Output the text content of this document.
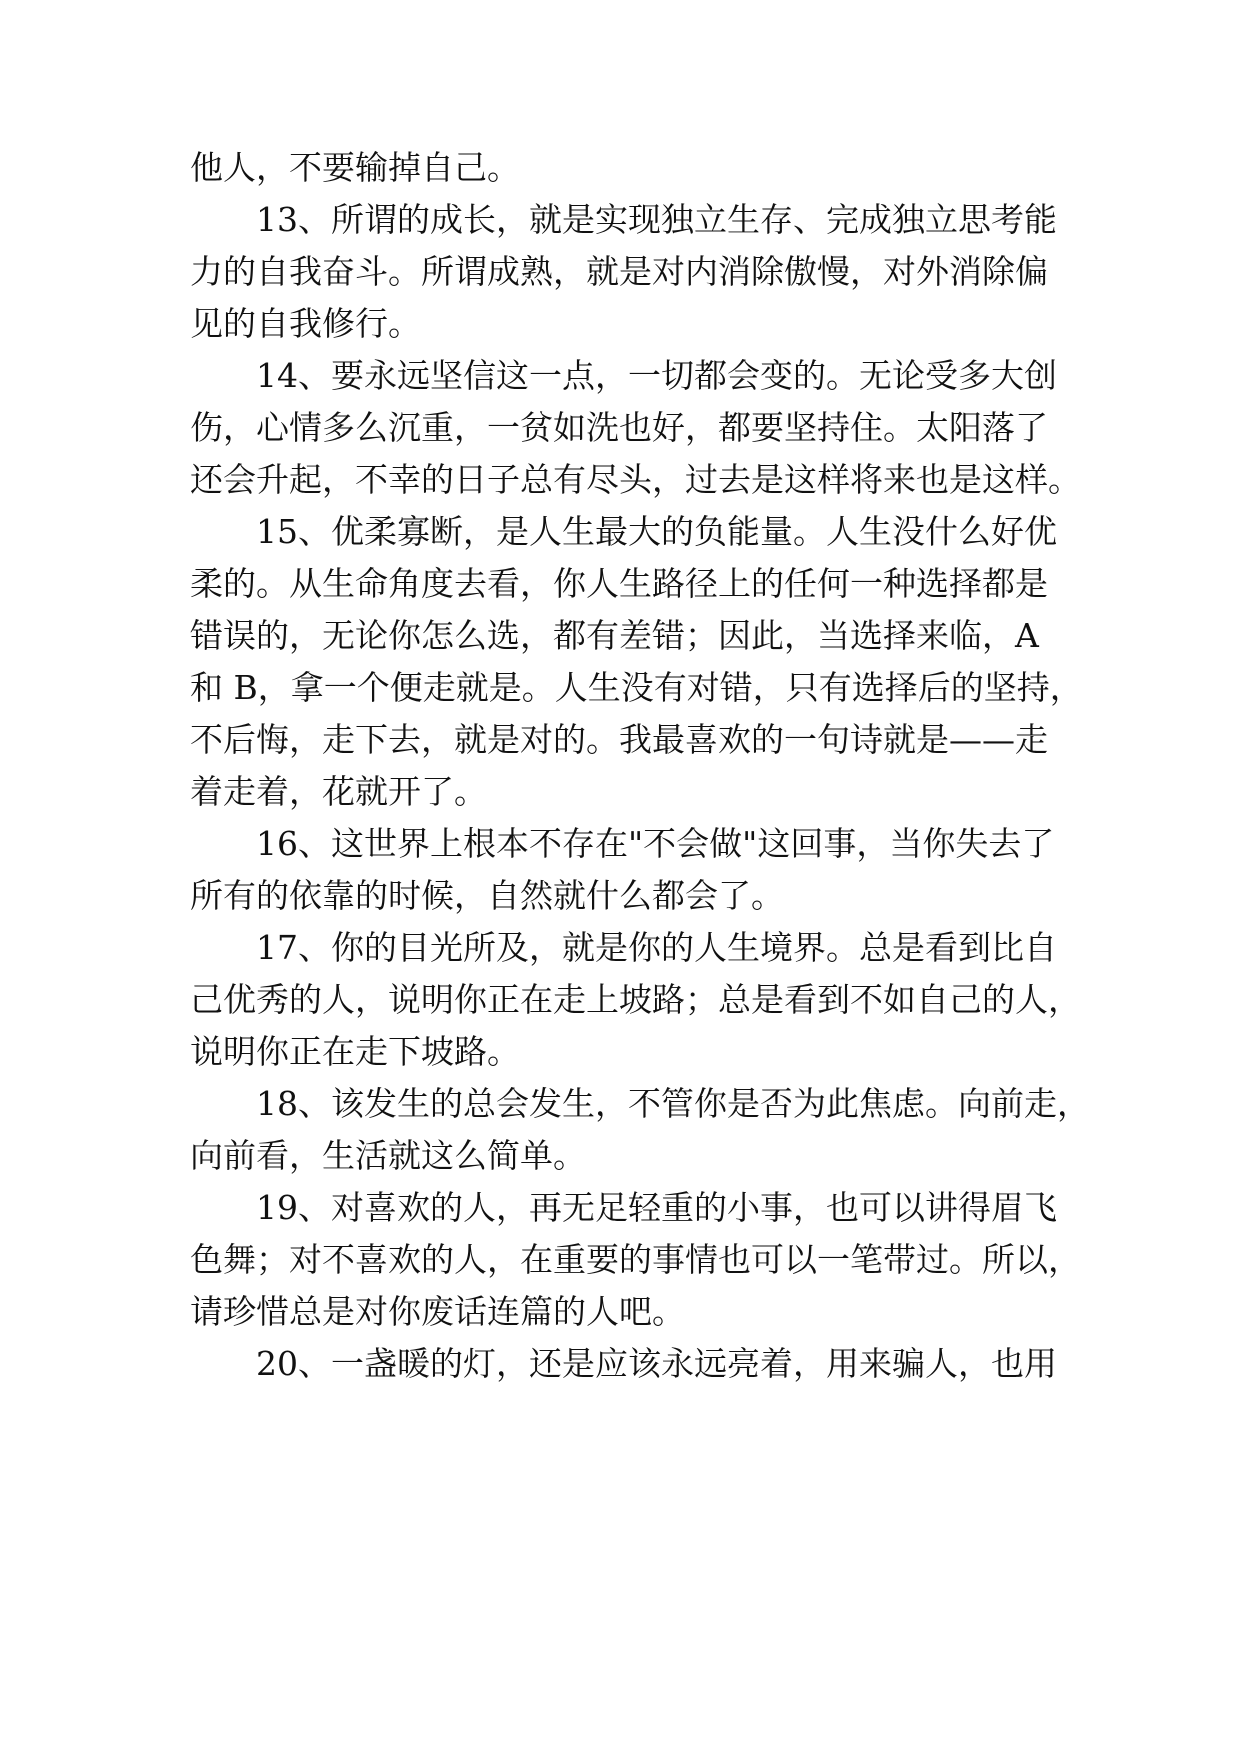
他人，不要输掉自己。
13、所谓的成长，就是实现独立生存、完成独立思考能
力的自我奋斗。所谓成熟，就是对内消除傲慢，对外消除偏
见的自我修行。
14、要永远坚信这一点，一切都会变的。无论受多大创
伤，心情多么沉重，一贫如洗也好，都要坚持住。太阳落了
还会升起，不幸的日子总有尽头，过去是这样将来也是这样。
15、优柔寡断，是人生最大的负能量。人生没什么好优
柔的。从生命角度去看，你人生路径上的任何一种选择都是
错误的，无论你怎么选，都有差错；因此，当选择来临，A
和 B，拿一个便走就是。人生没有对错，只有选择后的坚持，
不后悔，走下去，就是对的。我最喜欢的一句诗就是——走
着走着，花就开了。
16、这世界上根本不存在"不会做"这回事，当你失去了
所有的依靠的时候，自然就什么都会了。
17、你的目光所及，就是你的人生境界。总是看到比自
己优秀的人，说明你正在走上坡路；总是看到不如自己的人，
说明你正在走下坡路。
18、该发生的总会发生，不管你是否为此焦虑。向前走，
向前看，生活就这么简单。
19、对喜欢的人，再无足轻重的小事，也可以讲得眉飞
色舞；对不喜欢的人，在重要的事情也可以一笔带过。所以，
请珍惜总是对你废话连篇的人吧。
20、一盏暖的灯，还是应该永远亮着，用来骗人，也用
